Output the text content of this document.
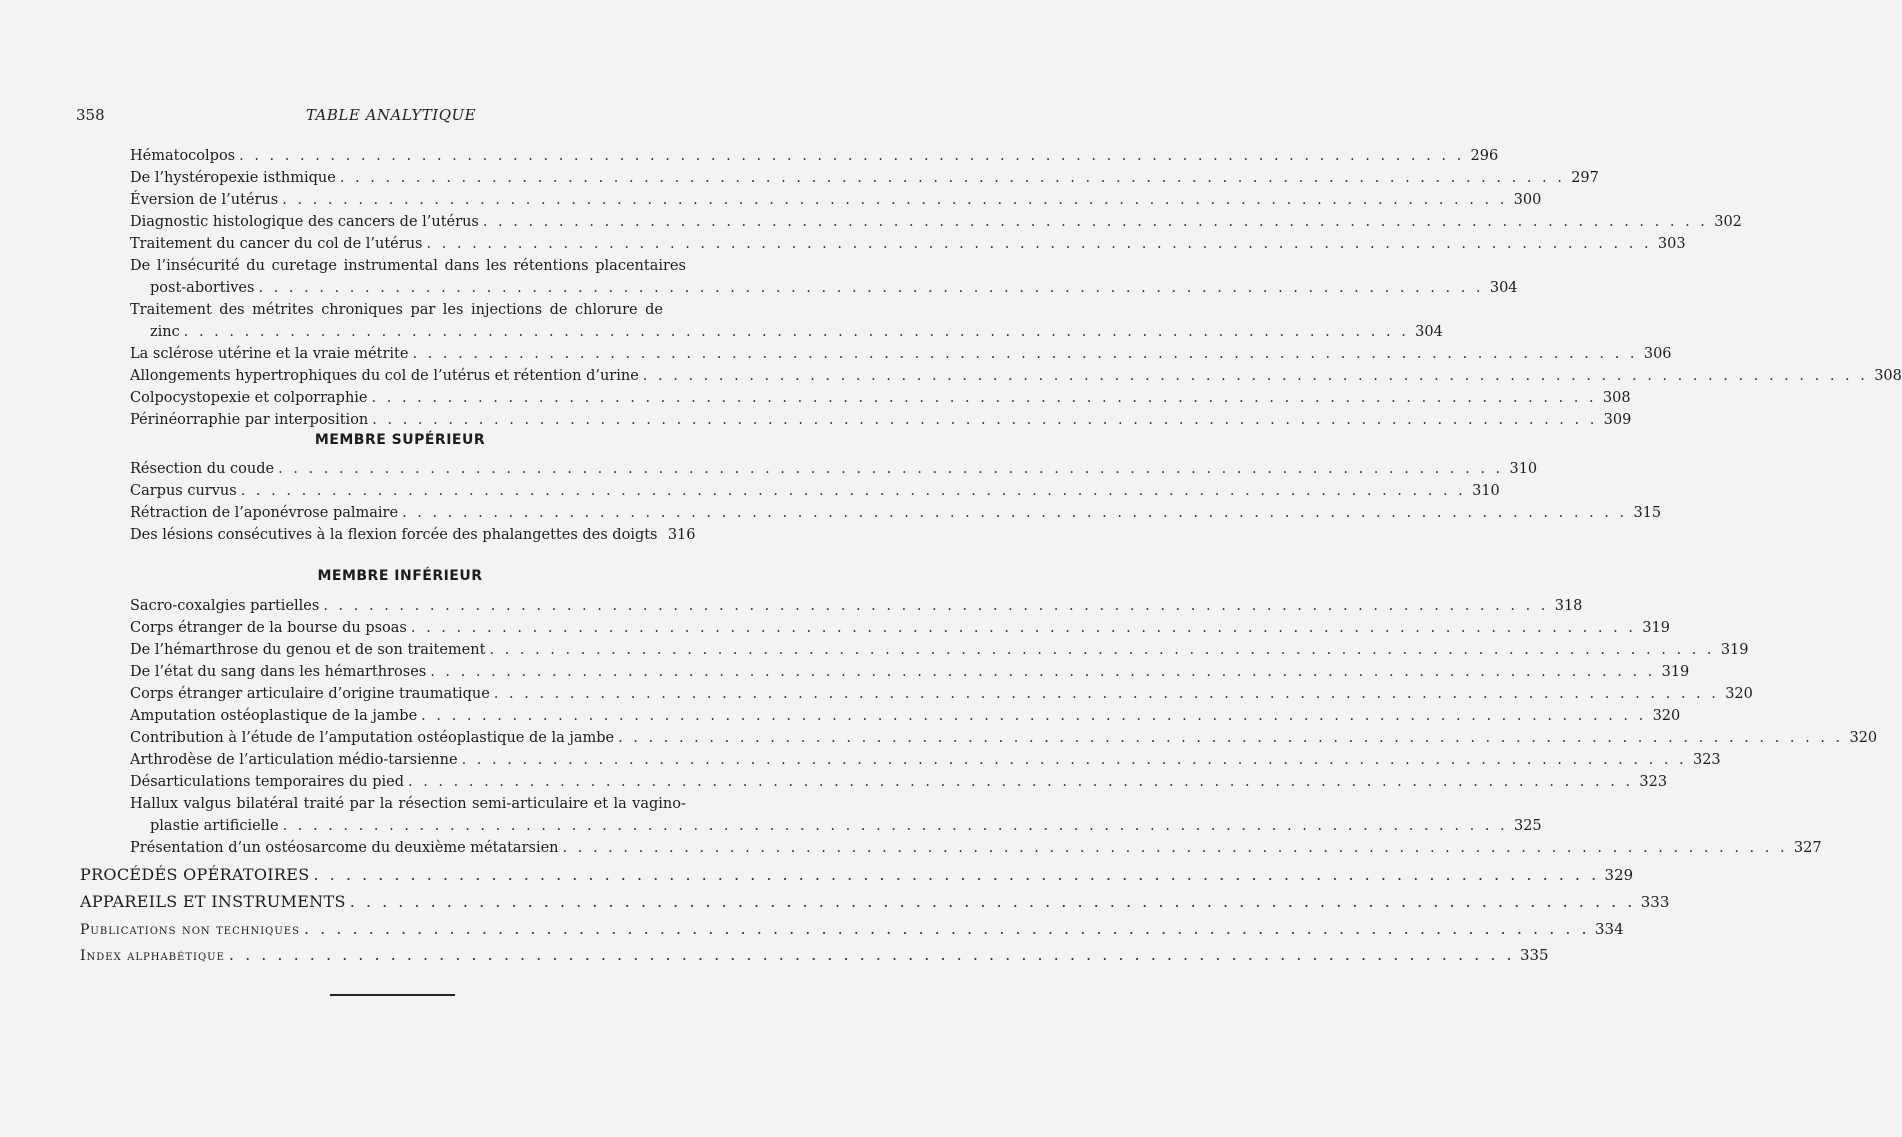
358	TABLE ANALYTIQUE
Hématocolpos . . .	296
De l’hystéropexie isthmique . . .	297
Éversion de l’utérus . . .	300
Diagnostic histologique des cancers de l’utérus . . .	302
Traitement du cancer du col de l’utérus . . .	303
De l’insécurité du curetage instrumental dans les rétentions placentaires
post-abortives . . .	304
Traitement des métrites chroniques par les injections de chlorure de
zinc . . .	304
La sclérose utérine et la vraie métrite . . .	306
Allongements hypertrophiques du col de l’utérus et rétention d’urine . . .	308
Colpocystopexie et colporraphie . . .	308
Périnéorraphie par interposition . . .	309
MEMBRE SUPÉRIEUR
Résection du coude . . .	310
Carpus curvus . . .	310
Rétraction de l’aponévrose palmaire . . .	315
Des lésions consécutives à la flexion forcée des phalangettes des doigts 316
MEMBRE INFÉRIEUR
Sacro-coxalgies partielles . . .	318
Corps étranger de la bourse du psoas . . .	319
De l’hémarthrose du genou et de son traitement . . .	319
De l’état du sang dans les hémarthroses . . .	319
Corps étranger articulaire d’origine traumatique . . .	320
Amputation ostéoplastique de la jambe . . .	320
Contribution à l’étude de l’amputation ostéoplastique de la jambe . . .	320
Arthrodèse de l’articulation médio-tarsienne . . .	323
Désarticulations temporaires du pied . . .	323
Hallux valgus bilatéral traité par la résection semi-articulaire et la vagino-
plastie artificielle . . .	325
Présentation d’un ostéosarcome du deuxième métatarsien . . .	327
PROCÉDÉS OPÉRATOIRES . . .	329
APPAREILS ET INSTRUMENTS . . .	333
Publications non techniques . . .	334
Index alphabétique . . .	335
